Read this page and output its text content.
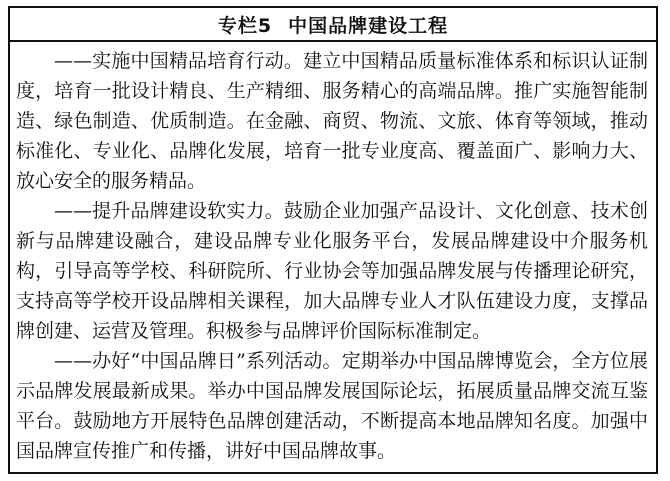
专栏5 中国品牌建设工程

——实施中国精品培育行动。建立中国精品质量标准体系和标识认证制度，培育一批设计精良、生产精细、服务精心的高端品牌。推广实施智能制造、绿色制造、优质制造。在金融、商贸、物流、文旅、体育等领域，推动标准化、专业化、品牌化发展，培育一批专业度高、覆盖面广、影响力大、放心安全的服务精品。

——提升品牌建设软实力。鼓励企业加强产品设计、文化创意、技术创新与品牌建设融合，建设品牌专业化服务平台，发展品牌建设中介服务机构，引导高等学校、科研院所、行业协会等加强品牌发展与传播理论研究，支持高等学校开设品牌相关课程，加大品牌专业人才队伍建设力度，支撑品牌创建、运营及管理。积极参与品牌评价国际标准制定。

——办好“中国品牌日”系列活动。定期举办中国品牌博览会，全方位展示品牌发展最新成果。举办中国品牌发展国际论坛，拓展质量品牌交流互鉴平台。鼓励地方开展特色品牌创建活动，不断提高本地品牌知名度。加强中国品牌宣传推广和传播，讲好中国品牌故事。
